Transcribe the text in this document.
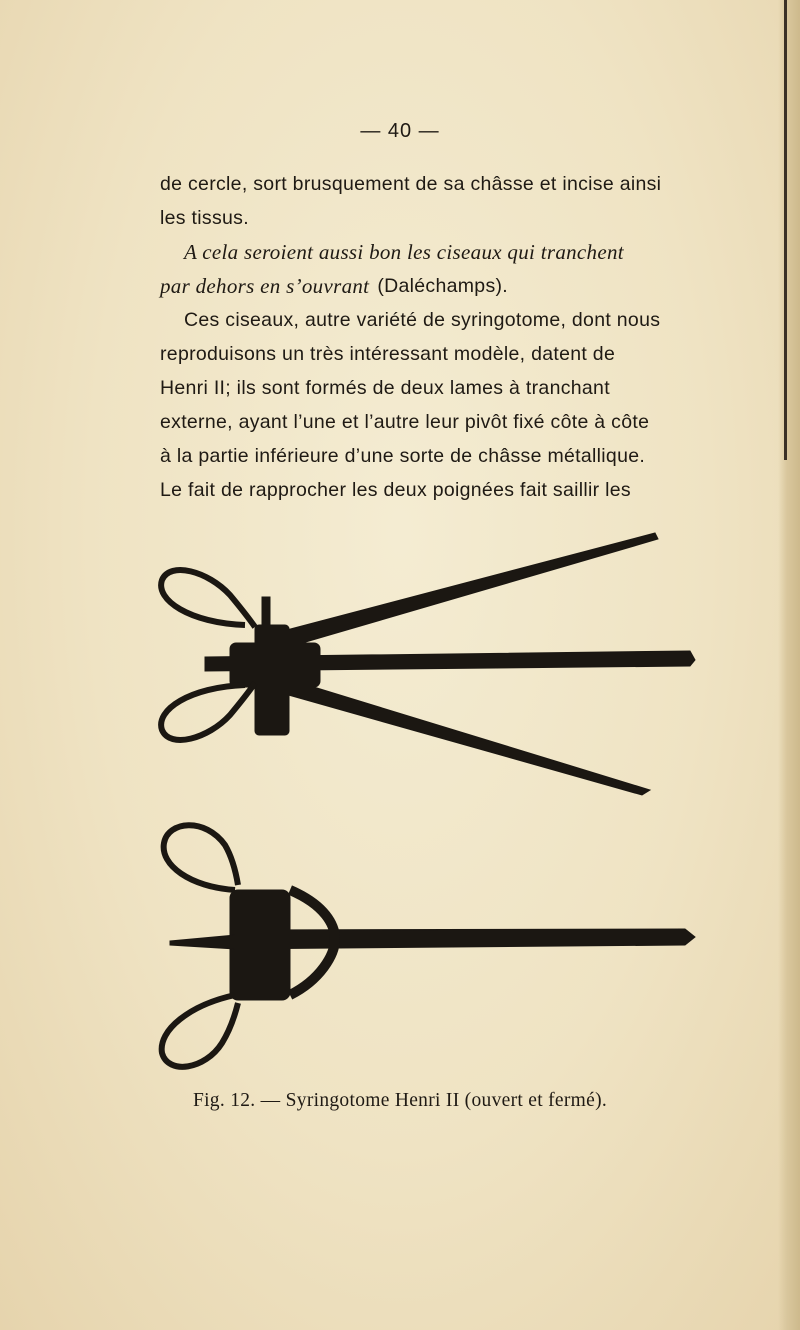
— 40 —
de cercle, sort brusquement de sa châsse et incise ainsi
les tissus.
A cela seroient aussi bon les ciseaux qui tranchent
par dehors en s’ouvrant (Daléchamps).
Ces ciseaux, autre variété de syringotome, dont nous
reproduisons un très intéressant modèle, datent de
Henri II; ils sont formés de deux lames à tranchant
externe, ayant l’une et l’autre leur pivôt fixé côte à côte
à la partie inférieure d’une sorte de châsse métallique.
Le fait de rapprocher les deux poignées fait saillir les
Fig. 12. — Syringotome Henri II (ouvert et fermé).
